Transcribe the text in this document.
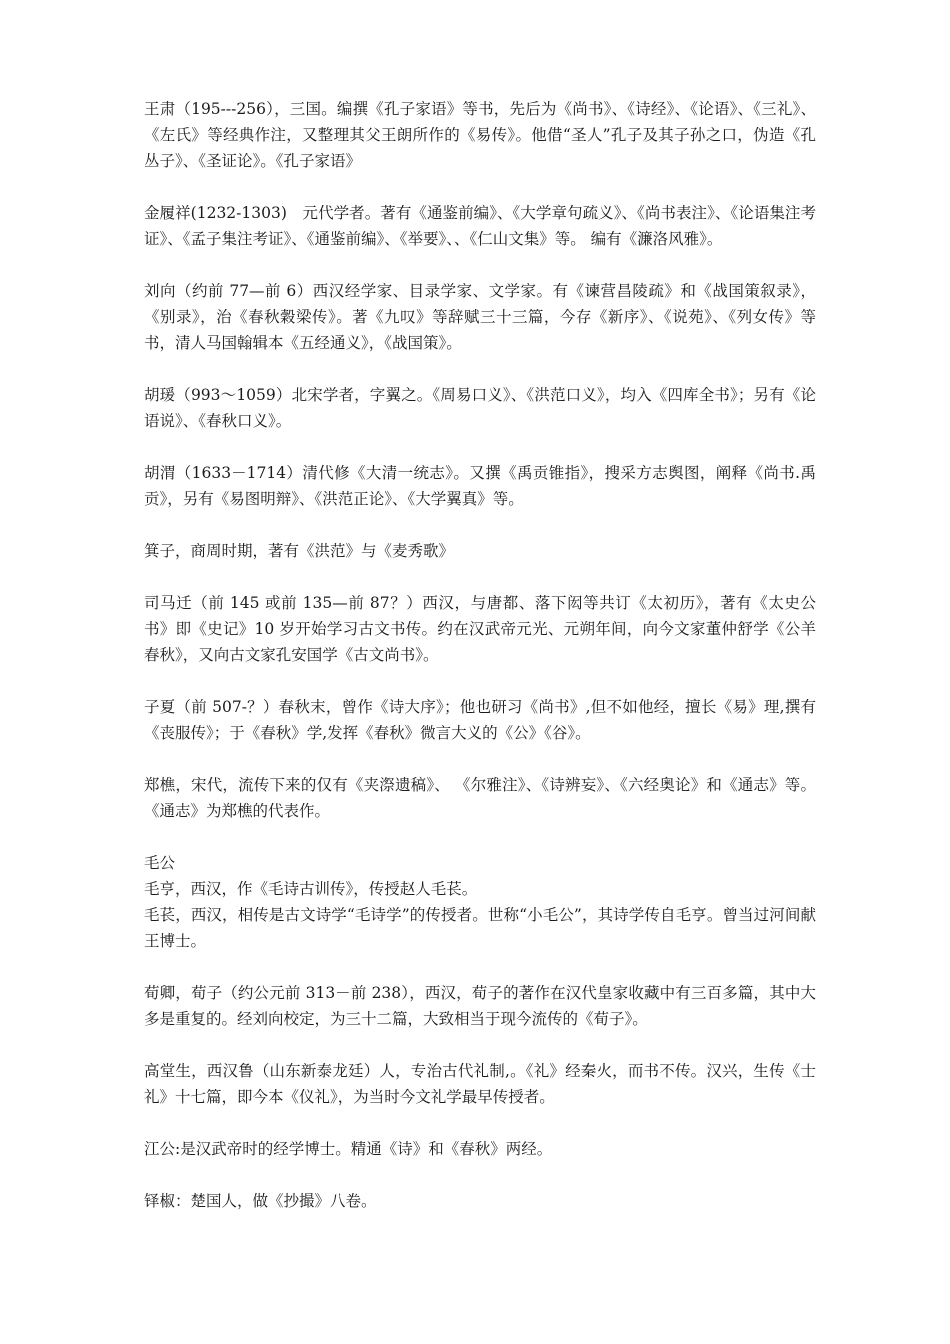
王肃（195---256），三国。编撰《孔子家语》等书，先后为《尚书》、《诗经》、《论语》、《三礼》、《左氏》等经典作注，又整理其父王朗所作的《易传》。他借“圣人”孔子及其子孙之口，伪造《孔丛子》、《圣证论》。《孔子家语》

金履祥(1232-1303)　元代学者。著有《通鉴前编》、《大学章句疏义》、《尚书表注》、《论语集注考证》、《孟子集注考证》、《通鉴前编》、《举要》、、《仁山文集》等。 编有《濂洛风雅》。

刘向（约前 77—前 6）西汉经学家、目录学家、文学家。有《谏营昌陵疏》和《战国策叙录》，《别录》，治《春秋穀梁传》。著《九叹》等辞赋三十三篇，今存《新序》、《说苑》、《列女传》等书，清人马国翰辑本《五经通义》，《战国策》。

胡瑗（993～1059）北宋学者，字翼之。《周易口义》、《洪范口义》，均入《四库全书》；另有《论语说》、《春秋口义》。

胡渭（1633－1714）清代修《大清一统志》。又撰《禹贡锥指》，搜采方志舆图，阐释《尚书.禹贡》，另有《易图明辩》、《洪范正论》、《大学翼真》等。

箕子，商周时期，著有《洪范》与《麦秀歌》

司马迁（前 145 或前 135—前 87？）西汉，与唐都、落下闳等共订《太初历》，著有《太史公书》即《史记》10 岁开始学习古文书传。约在汉武帝元光、元朔年间，向今文家董仲舒学《公羊春秋》，又向古文家孔安国学《古文尚书》。

子夏（前 507-？）春秋末，曾作《诗大序》；他也研习《尚书》,但不如他经，擅长《易》理,撰有《丧服传》；于《春秋》学,发挥《春秋》微言大义的《公》《谷》。

郑樵，宋代，流传下来的仅有《夹漈遗稿》、 《尔雅注》、《诗辨妄》、《六经奥论》和《通志》等。《通志》为郑樵的代表作。

毛公
毛亨，西汉，作《毛诗古训传》，传授赵人毛苌。
毛苌，西汉，相传是古文诗学“毛诗学”的传授者。世称“小毛公”，其诗学传自毛亨。曾当过河间献王博士。

荀卿，荀子（约公元前 313－前 238），西汉，荀子的著作在汉代皇家收藏中有三百多篇，其中大多是重复的。经刘向校定，为三十二篇，大致相当于现今流传的《荀子》。

高堂生，西汉鲁（山东新泰龙廷）人，专治古代礼制,。《礼》经秦火，而书不传。汉兴，生传《士礼》十七篇，即今本《仪礼》，为当时今文礼学最早传授者。

江公:是汉武帝时的经学博士。精通《诗》和《春秋》两经。

铎椒：楚国人，做《抄撮》八卷。
